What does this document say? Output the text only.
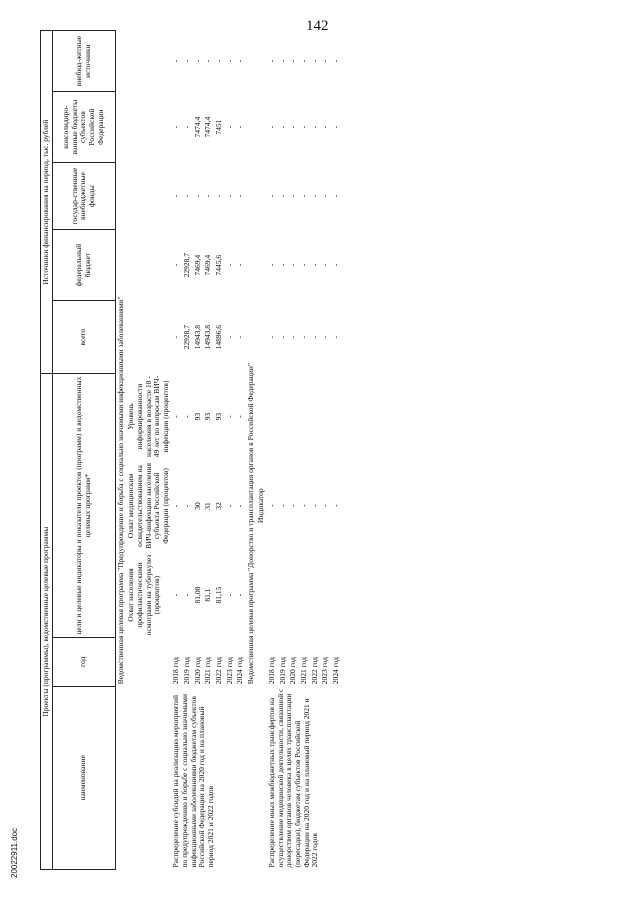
142
20022911.doc
Проекты (программы), ведомственные целевые программы					Источники финансирования на период, тыс. рублей				
наименование	год	цели и целевые индикаторы и показатели проектов (программ) и ведомственных целевых программ*			всего	федеральный бюджет	государ-ственные внебюджетные фонды	консолидиро-ванные бюджеты субъектов Российской Федерации	внебюд-жетные источники
	Ведомственная целевая программа "Предупреждение и борьба с социально значимыми инфекционными заболеваниями"								
		Охват населения профилактическими осмотрами на туберкулез (процентов)	Охват медицинским освидетельствованием на ВИЧ-инфекцию населения субъекта Российской Федерации (процентов)	Уровень информированности населения в возрасте 18 - 49 лет по вопросам ВИЧ-инфекции (процентов)					
Распределение субсидий на реализацию мероприятий по предупреждению и борьбе с социально значимыми инфекционными заболеваниями бюджетам субъектов Российской Федерации на 2020 год и на плановый период 2021 и 2022 годов	2018 год	-	-	-	-	-	-	-	-
	2019 год	-	-	-	22928,7	22928,7	-	-	-
	2020 год	81,08	30	93	14943,8	7469,4	-	7474,4	-
	2021 год	81,1	31	93	14943,8	7469,4	-	7474,4	-
	2022 год	81,15	32	93	14896,6	7445,6	-	7451	-
	2023 год	-	-	-	-	-	-	-	-
	2024 год	-	-	-	-	-	-	-	-
	Ведомственная целевая программа "Донорство и трансплантация органов в Российской Федерации"								
		Индикатор							
Распределение иных межбюджетных трансфертов на осуществление медицинской деятельности, связанной с донорством органов человека в целях трансплантации (пересадки), бюджетам субъектов Российской Федерации на 2020 год и на плановый период 2021 и 2022 годов	2018 год	-			-	-	-	-	-
	2019 год	-			-	-	-	-	-
	2020 год	-			-	-	-	-	-
	2021 год	-			-	-	-	-	-
	2022 год	-			-	-	-	-	-
	2023 год	-			-	-	-	-	-
	2024 год	-			-	-	-	-	-
